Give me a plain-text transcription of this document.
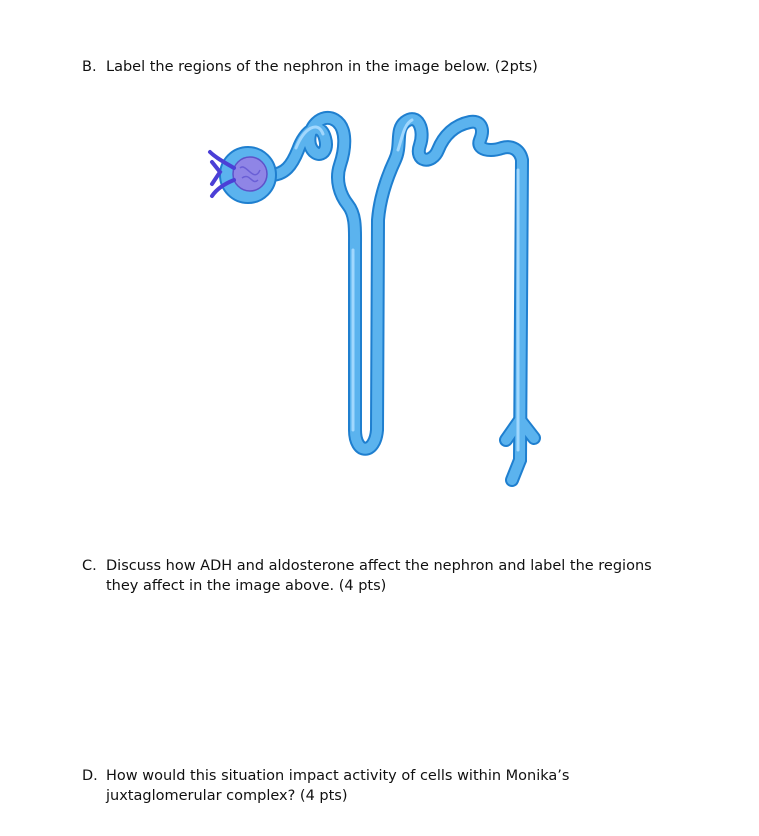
B. Label the regions of the nephron in the image below. (2pts)
C. Discuss how ADH and aldosterone affect the nephron and label the regions they affect in the image above. (4 pts)
D. How would this situation impact activity of cells within Monika’s juxtaglomerular complex? (4 pts)
